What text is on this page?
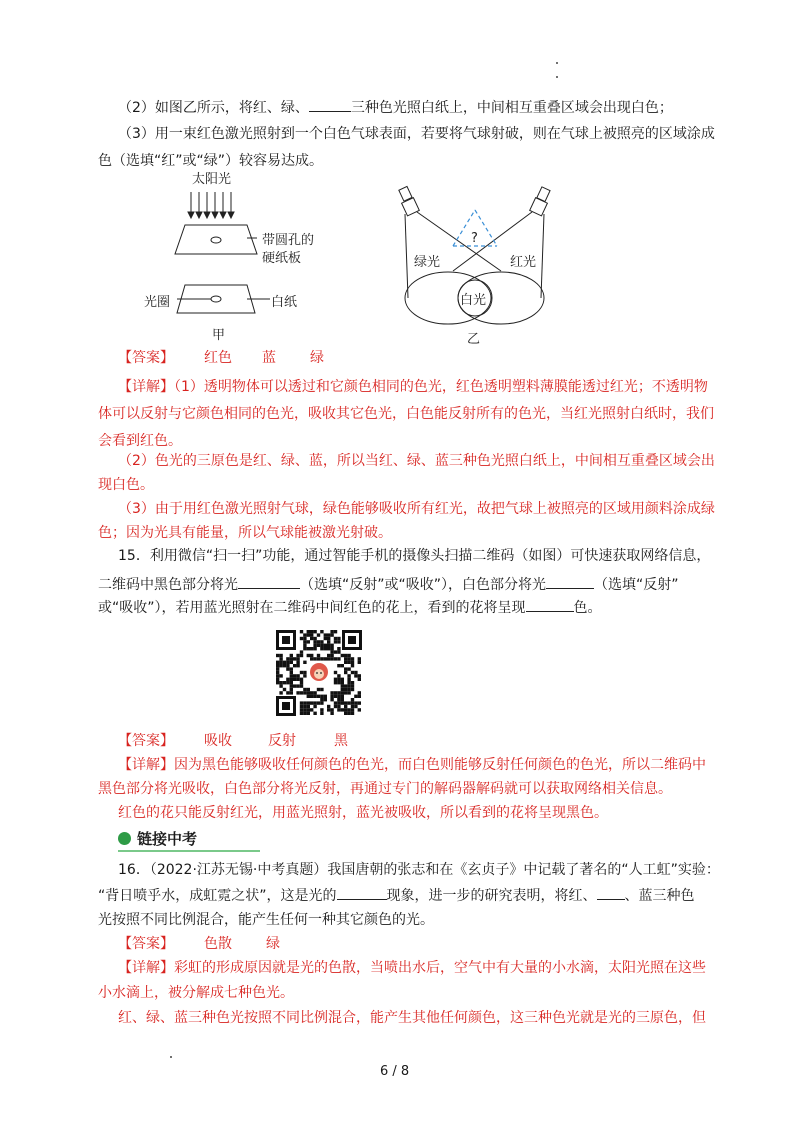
（2）如图乙所示，将红、绿、	三种色光照白纸上，中间相互重叠区域会出现白色；
（3）用一束红色激光照射到一个白色气球表面，若要将气球射破，则在气球上被照亮的区域涂成
色（选填“红”或“绿”）较容易达成。
太阳光
带圆孔的
硬纸板
光圈	白纸
甲
?
绿光	红光
白光
乙
【答案】 红色 蓝 绿
【详解】（1）透明物体可以透过和它颜色相同的色光，红色透明塑料薄膜能透过红光；不透明物
体可以反射与它颜色相同的色光，吸收其它色光，白色能反射所有的色光，当红光照射白纸时，我们
会看到红色。
（2）色光的三原色是红、绿、蓝，所以当红、绿、蓝三种色光照白纸上，中间相互重叠区域会出
现白色。
（3）由于用红色激光照射气球，绿色能够吸收所有红光，故把气球上被照亮的区域用颜料涂成绿
色；因为光具有能量，所以气球能被激光射破。
15．利用微信“扫一扫”功能，通过智能手机的摄像头扫描二维码（如图）可快速获取网络信息，
二维码中黑色部分将光	（选填“反射”或“吸收”），白色部分将光	（选填“反射”
或“吸收”），若用蓝光照射在二维码中间红色的花上，看到的花将呈现	色。
【答案】 吸收	反射	黑
【详解】因为黑色能够吸收任何颜色的色光，而白色则能够反射任何颜色的色光，所以二维码中
黑色部分将光吸收，白色部分将光反射，再通过专门的解码器解码就可以获取网络相关信息。
红色的花只能反射红光，用蓝光照射，蓝光被吸收，所以看到的花将呈现黑色。
链接中考
16．（2022·江苏无锡·中考真题）我国唐朝的张志和在《玄贞子》中记载了著名的“人工虹”实验：
“背日喷乎水，成虹霓之状”，这是光的	现象，进一步的研究表明，将红、 、蓝三种色
光按照不同比例混合，能产生任何一种其它颜色的光。
【答案】 色散 绿
【详解】彩虹的形成原因就是光的色散，当喷出水后，空气中有大量的小水滴，太阳光照在这些
小水滴上，被分解成七种色光。
红、绿、蓝三种色光按照不同比例混合，能产生其他任何颜色，这三种色光就是光的三原色，但
6 / 8
